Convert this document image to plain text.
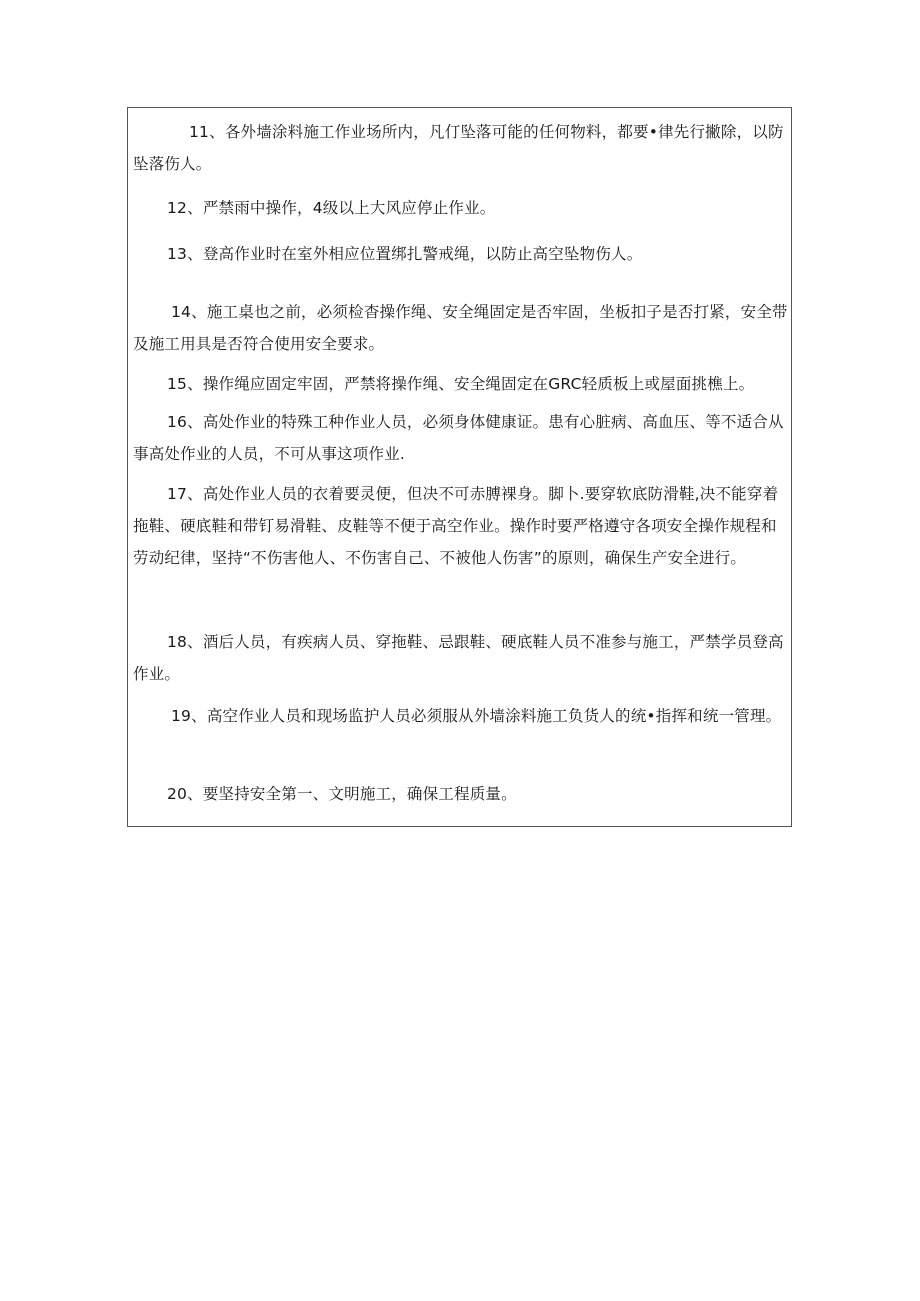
11、各外墙涂料施工作业场所内，凡仃坠落可能的任何物料，都要•律先行撇除，以防坠落伤人。

12、严禁雨中操作，4级以上大风应停止作业。

13、登高作业时在室外相应位置绑扎警戒绳，以防止高空坠物伤人。

14、施工桌也之前，必须检杳操作绳、安全绳固定是否牢固，坐板扣子是否打紧，安全带及施工用具是否符合使用安全要求。

15、操作绳应固定牢固，严禁将操作绳、安全绳固定在GRC轻质板上或屋面挑樵上。

16、高处作业的特殊工种作业人员，必须身体健康证。患有心脏病、高血压、等不适合从事高处作业的人员，不可从事这项作业.

17、高处作业人员的衣着要灵便，但决不可赤膊裸身。脚卜.要穿软底防滑鞋,决不能穿着拖鞋、硬底鞋和带钉易滑鞋、皮鞋等不便于高空作业。操作时要严格遵守各项安全操作规程和劳动纪律，坚持“不伤害他人、不伤害自己、不被他人伤害”的原则，确保生产安全进行。

18、酒后人员，有疾病人员、穿拖鞋、忌跟鞋、硬底鞋人员不准参与施工，严禁学员登高作业。

19、高空作业人员和现场监护人员必须服从外墙涂料施工负货人的统•指挥和统一管理。

20、要坚持安全第一、文明施工，确保工程质量。
